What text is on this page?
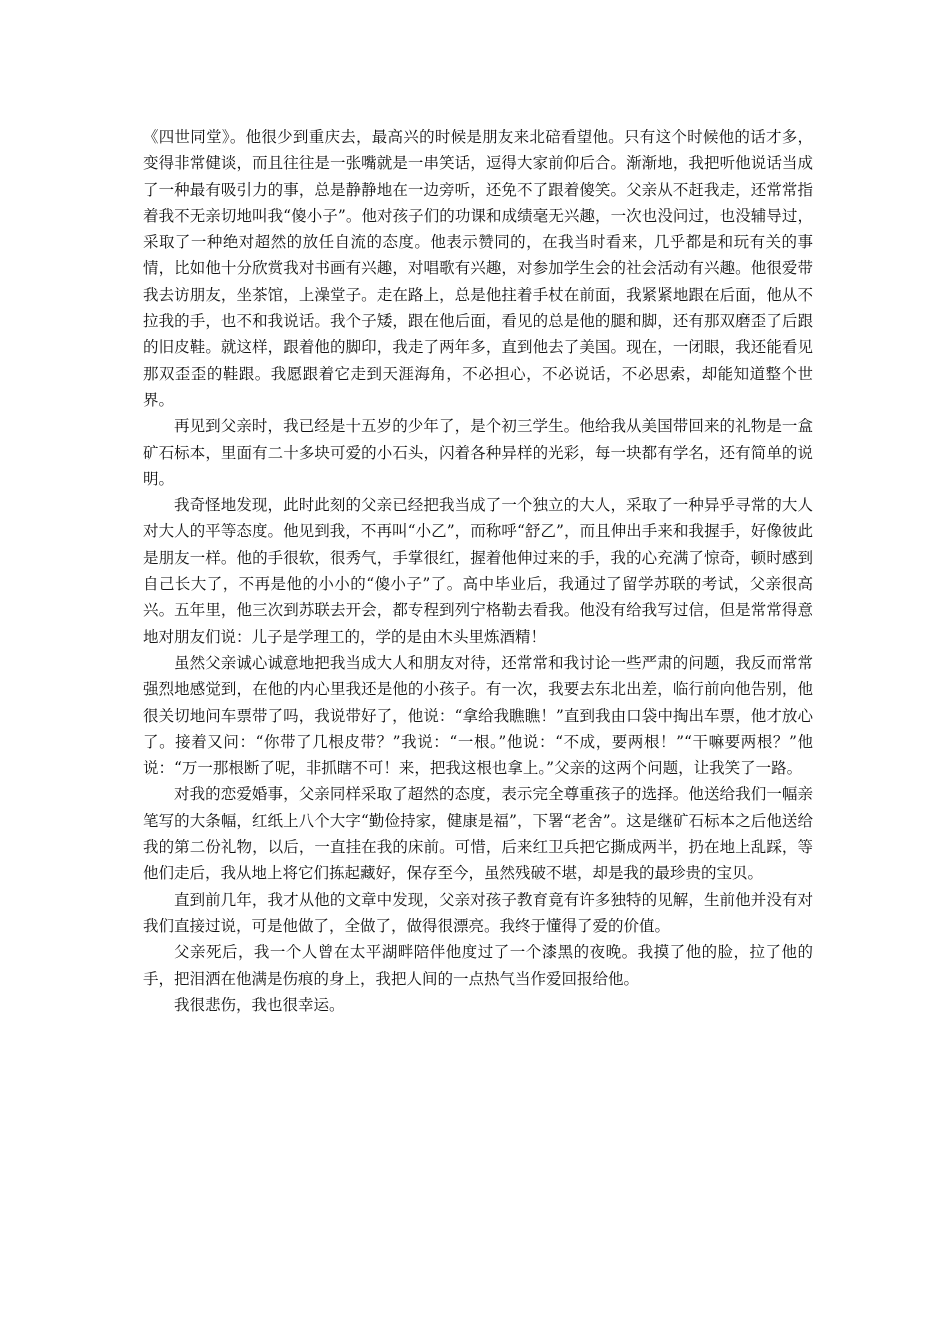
《四世同堂》。他很少到重庆去，最高兴的时候是朋友来北碚看望他。只有这个时候他的话才多，变得非常健谈，而且往往是一张嘴就是一串笑话，逗得大家前仰后合。渐渐地，我把听他说话当成了一种最有吸引力的事，总是静静地在一边旁听，还免不了跟着傻笑。父亲从不赶我走，还常常指着我不无亲切地叫我“傻小子”。他对孩子们的功课和成绩毫无兴趣，一次也没问过，也没辅导过，采取了一种绝对超然的放任自流的态度。他表示赞同的，在我当时看来，几乎都是和玩有关的事情，比如他十分欣赏我对书画有兴趣，对唱歌有兴趣，对参加学生会的社会活动有兴趣。他很爱带我去访朋友，坐茶馆，上澡堂子。走在路上，总是他拄着手杖在前面，我紧紧地跟在后面，他从不拉我的手，也不和我说话。我个子矮，跟在他后面，看见的总是他的腿和脚，还有那双磨歪了后跟的旧皮鞋。就这样，跟着他的脚印，我走了两年多，直到他去了美国。现在，一闭眼，我还能看见那双歪歪的鞋跟。我愿跟着它走到天涯海角，不必担心，不必说话，不必思索，却能知道整个世界。

再见到父亲时，我已经是十五岁的少年了，是个初三学生。他给我从美国带回来的礼物是一盒矿石标本，里面有二十多块可爱的小石头，闪着各种异样的光彩，每一块都有学名，还有简单的说明。

我奇怪地发现，此时此刻的父亲已经把我当成了一个独立的大人，采取了一种异乎寻常的大人对大人的平等态度。他见到我，不再叫“小乙”，而称呼“舒乙”，而且伸出手来和我握手，好像彼此是朋友一样。他的手很软，很秀气，手掌很红，握着他伸过来的手，我的心充满了惊奇，顿时感到自己长大了，不再是他的小小的“傻小子”了。高中毕业后，我通过了留学苏联的考试，父亲很高兴。五年里，他三次到苏联去开会，都专程到列宁格勒去看我。他没有给我写过信，但是常常得意地对朋友们说：儿子是学理工的，学的是由木头里炼酒精！

虽然父亲诚心诚意地把我当成大人和朋友对待，还常常和我讨论一些严肃的问题，我反而常常强烈地感觉到，在他的内心里我还是他的小孩子。有一次，我要去东北出差，临行前向他告别，他很关切地问车票带了吗，我说带好了，他说：“拿给我瞧瞧！”直到我由口袋中掏出车票，他才放心了。接着又问：“你带了几根皮带？”我说：“一根。”他说：“不成，要两根！”“干嘛要两根？”他说：“万一那根断了呢，非抓瞎不可！来，把我这根也拿上。”父亲的这两个问题，让我笑了一路。

对我的恋爱婚事，父亲同样采取了超然的态度，表示完全尊重孩子的选择。他送给我们一幅亲笔写的大条幅，红纸上八个大字“勤俭持家，健康是福”，下署“老舍”。这是继矿石标本之后他送给我的第二份礼物，以后，一直挂在我的床前。可惜，后来红卫兵把它撕成两半，扔在地上乱踩，等他们走后，我从地上将它们拣起藏好，保存至今，虽然残破不堪，却是我的最珍贵的宝贝。

直到前几年，我才从他的文章中发现，父亲对孩子教育竟有许多独特的见解，生前他并没有对我们直接过说，可是他做了，全做了，做得很漂亮。我终于懂得了爱的价值。

父亲死后，我一个人曾在太平湖畔陪伴他度过了一个漆黑的夜晚。我摸了他的脸，拉了他的手，把泪洒在他满是伤痕的身上，我把人间的一点热气当作爱回报给他。

我很悲伤，我也很幸运。
